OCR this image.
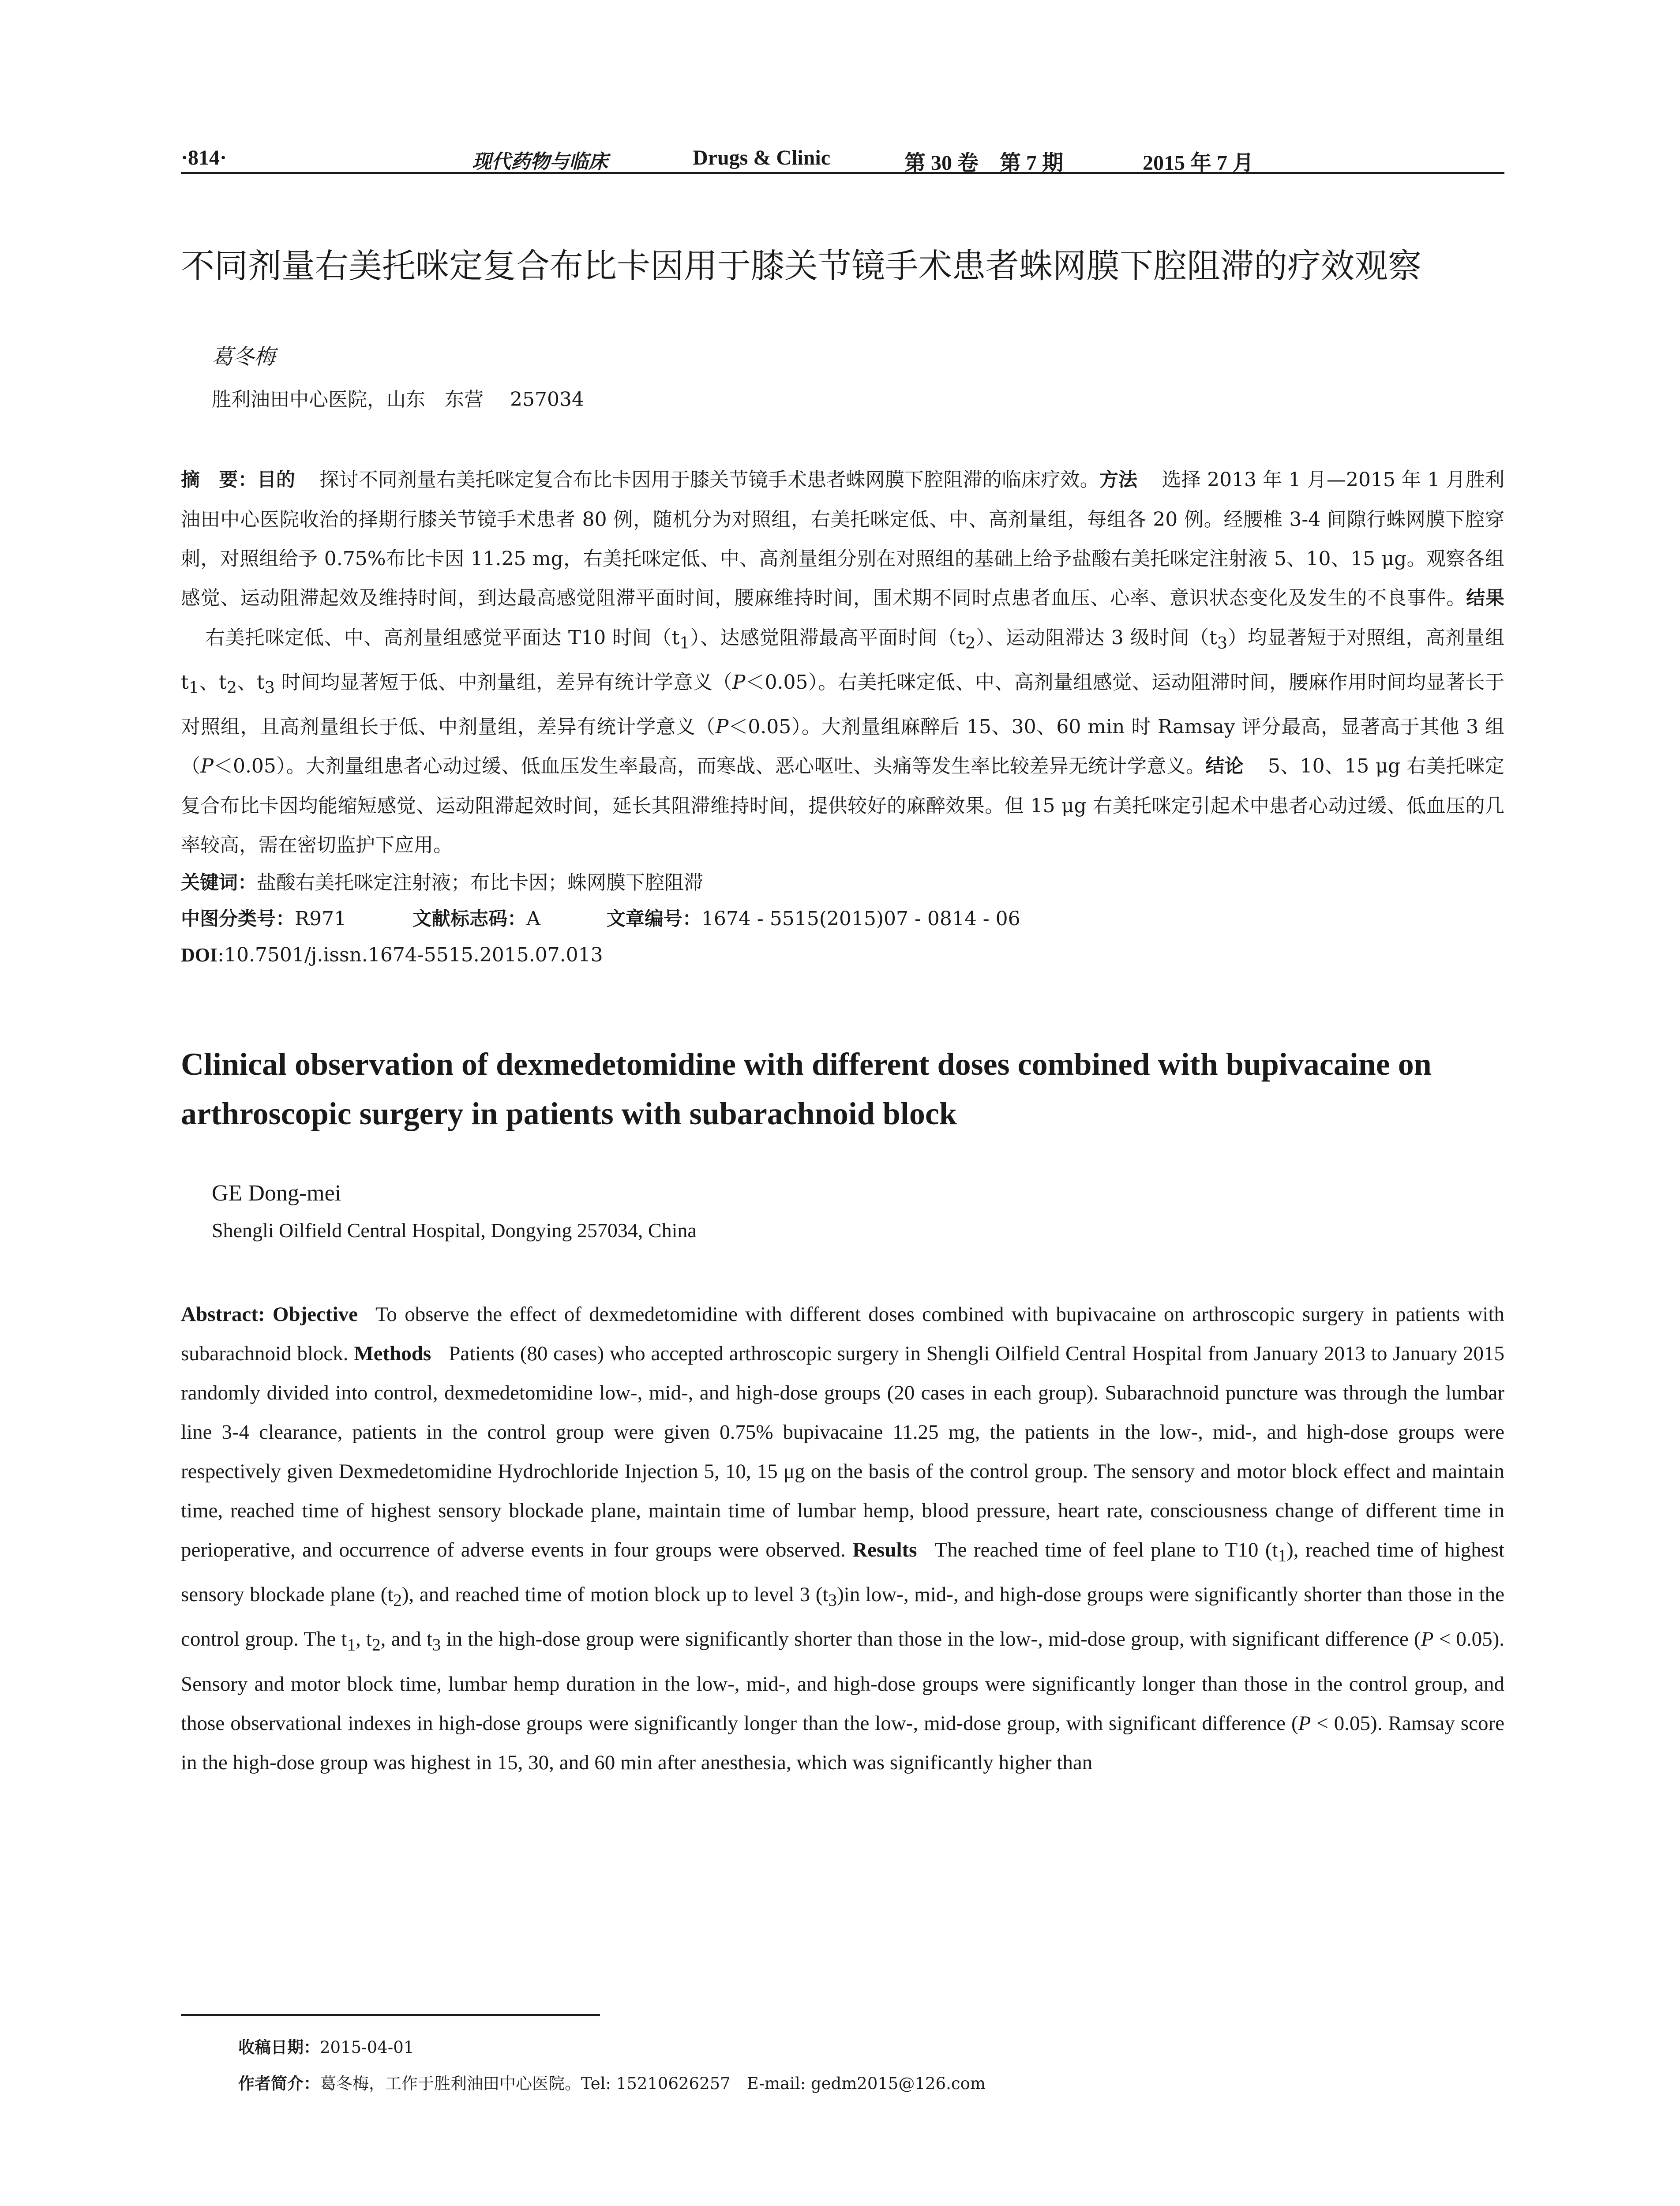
·814·	现代药物与临床	Drugs & Clinic	第 30 卷　第 7 期	2015 年 7 月
不同剂量右美托咪定复合布比卡因用于膝关节镜手术患者蛛网膜下腔阻滞的疗效观察
葛冬梅
胜利油田中心医院，山东　东营 257034
摘　要：目的 探讨不同剂量右美托咪定复合布比卡因用于膝关节镜手术患者蛛网膜下腔阻滞的临床疗效。方法 选择 2013 年 1 月—2015 年 1 月胜利油田中心医院收治的择期行膝关节镜手术患者 80 例，随机分为对照组，右美托咪定低、中、高剂量组，每组各 20 例。经腰椎 3-4 间隙行蛛网膜下腔穿刺，对照组给予 0.75%布比卡因 11.25 mg，右美托咪定低、中、高剂量组分别在对照组的基础上给予盐酸右美托咪定注射液 5、10、15 μg。观察各组感觉、运动阻滞起效及维持时间，到达最高感觉阻滞平面时间，腰麻维持时间，围术期不同时点患者血压、心率、意识状态变化及发生的不良事件。结果右美托咪定低、中、高剂量组感觉平面达 T10 时间$(t_1)$、达感觉阻滞最高平面时间$(t_2)$、运动阻滞达 3 级时间$(t_3)$均显著短于对照组，高剂量组 $t_1$、$t_2$、$t_3$ 时间均显著短于低、中剂量组，差异有统计学意义（P＜0.05）。右美托咪定低、中、高剂量组感觉、运动阻滞时间，腰麻作用时间均显著长于对照组，且高剂量组长于低、中剂量组，差异有统计学意义（P＜0.05）。大剂量组麻醉后 15、30、60 min 时 Ramsay 评分最高，显著高于其他 3 组（P＜0.05）。大剂量组患者心动过缓、低血压发生率最高，而寒战、恶心呕吐、头痛等发生率比较差异无统计学意义。结论 5、10、15 μg 右美托咪定复合布比卡因均能缩短感觉、运动阻滞起效时间，延长其阻滞维持时间，提供较好的麻醉效果。但 15 μg 右美托咪定引起术中患者心动过缓、低血压的几率较高，需在密切监护下应用。
关键词：盐酸右美托咪定注射液；布比卡因；蛛网膜下腔阻滞
中图分类号：R971	文献标志码：A	文章编号：1674 - 5515(2015)07 - 0814 - 06
DOI:10.7501/j.issn.1674-5515.2015.07.013
Clinical observation of dexmedetomidine with different doses combined with bupivacaine on arthroscopic surgery in patients with subarachnoid block
GE Dong-mei
Shengli Oilfield Central Hospital, Dongying 257034, China
Abstract: Objective To observe the effect of dexmedetomidine with different doses combined with bupivacaine on arthroscopic surgery in patients with subarachnoid block. Methods Patients (80 cases) who accepted arthroscopic surgery in Shengli Oilfield Central Hospital from January 2013 to January 2015 randomly divided into control, dexmedetomidine low-, mid-, and high-dose groups (20 cases in each group). Subarachnoid puncture was through the lumbar line 3-4 clearance, patients in the control group were given 0.75% bupivacaine 11.25 mg, the patients in the low-, mid-, and high-dose groups were respectively given Dexmedetomidine Hydrochloride Injection 5, 10, 15 μg on the basis of the control group. The sensory and motor block effect and maintain time, reached time of highest sensory blockade plane, maintain time of lumbar hemp, blood pressure, heart rate, consciousness change of different time in perioperative, and occurrence of adverse events in four groups were observed. Results The reached time of feel plane to T10 $(t_1)$, reached time of highest sensory blockade plane $(t_2)$, and reached time of motion block up to level 3 $(t_3)in$ low-, mid-, and high-dose groups were significantly shorter than those in the control group. The $t_1$, $t_2$, and $t_3$ in the high-dose group were significantly shorter than those in the low-, mid-dose group, with significant difference (P < 0.05). Sensory and motor block time, lumbar hemp duration in the low-, mid-, and high-dose groups were significantly longer than those in the control group, and those observational indexes in high-dose groups were significantly longer than the low-, mid-dose group, with significant difference (P < 0.05). Ramsay score in the high-dose group was highest in 15, 30, and 60 min after anesthesia, which was significantly higher than
收稿日期：2015-04-01
作者简介：葛冬梅，工作于胜利油田中心医院。Tel: 15210626257　E-mail: gedm2015@126.com
